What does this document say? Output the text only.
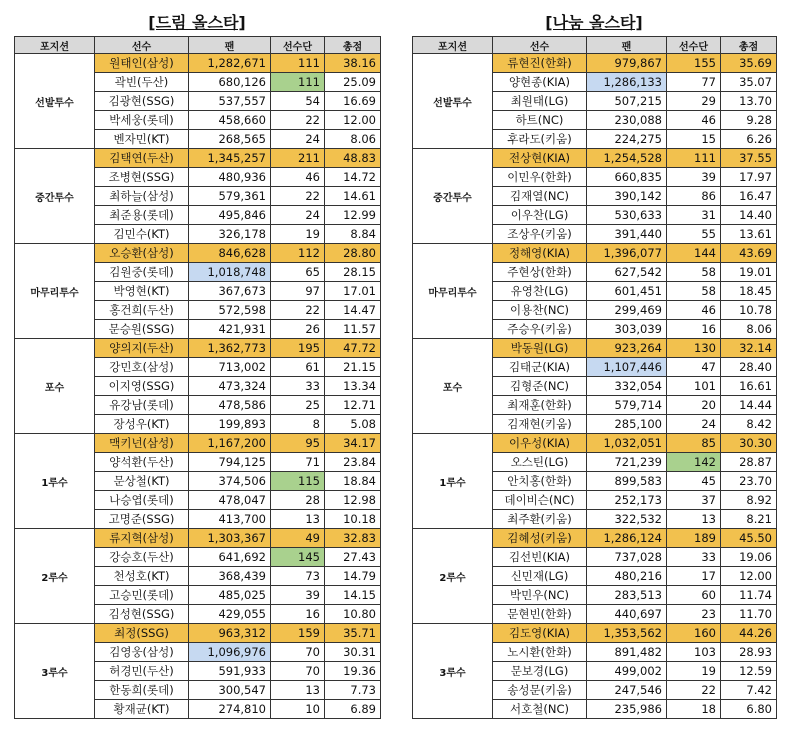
[드림 올스타]
포지션	선수	팬	선수단	총점
선발투수	원태인(삼성)	1,282,671	111	38.16
	곽빈(두산)	680,126	111	25.09
	김광현(SSG)	537,557	54	16.69
	박세웅(롯데)	458,660	22	12.00
	벤자민(KT)	268,565	24	8.06
중간투수	김택연(두산)	1,345,257	211	48.83
	조병현(SSG)	480,936	46	14.72
	최하늘(삼성)	579,361	22	14.61
	최준용(롯데)	495,846	24	12.99
	김민수(KT)	326,178	19	8.84
마무리투수	오승환(삼성)	846,628	112	28.80
	김원중(롯데)	1,018,748	65	28.15
	박영현(KT)	367,673	97	17.01
	홍건희(두산)	572,598	22	14.47
	문승원(SSG)	421,931	26	11.57
포수	양의지(두산)	1,362,773	195	47.72
	강민호(삼성)	713,002	61	21.15
	이지영(SSG)	473,324	33	13.34
	유강남(롯데)	478,586	25	12.71
	장성우(KT)	199,893	8	5.08
1루수	맥키넌(삼성)	1,167,200	95	34.17
	양석환(두산)	794,125	71	23.84
	문상철(KT)	374,506	115	18.84
	나승엽(롯데)	478,047	28	12.98
	고명준(SSG)	413,700	13	10.18
2루수	류지혁(삼성)	1,303,367	49	32.83
	강승호(두산)	641,692	145	27.43
	천성호(KT)	368,439	73	14.79
	고승민(롯데)	485,025	39	14.15
	김성현(SSG)	429,055	16	10.80
3루수	최정(SSG)	963,312	159	35.71
	김영웅(삼성)	1,096,976	70	30.31
	허경민(두산)	591,933	70	19.36
	한동희(롯데)	300,547	13	7.73
	황재균(KT)	274,810	10	6.89
[나눔 올스타]
포지션	선수	팬	선수단	총점
선발투수	류현진(한화)	979,867	155	35.69
	양현종(KIA)	1,286,133	77	35.07
	최원태(LG)	507,215	29	13.70
	하트(NC)	230,088	46	9.28
	후라도(키움)	224,275	15	6.26
중간투수	전상현(KIA)	1,254,528	111	37.55
	이민우(한화)	660,835	39	17.97
	김재열(NC)	390,142	86	16.47
	이우찬(LG)	530,633	31	14.40
	조상우(키움)	391,440	55	13.61
마무리투수	정해영(KIA)	1,396,077	144	43.69
	주현상(한화)	627,542	58	19.01
	유영찬(LG)	601,451	58	18.45
	이용찬(NC)	299,469	46	10.78
	주승우(키움)	303,039	16	8.06
포수	박동원(LG)	923,264	130	32.14
	김태군(KIA)	1,107,446	47	28.40
	김형준(NC)	332,054	101	16.61
	최재훈(한화)	579,714	20	14.44
	김재현(키움)	285,100	24	8.42
1루수	이우성(KIA)	1,032,051	85	30.30
	오스틴(LG)	721,239	142	28.87
	안치홍(한화)	899,583	45	23.70
	데이비슨(NC)	252,173	37	8.92
	최주환(키움)	322,532	13	8.21
2루수	김혜성(키움)	1,286,124	189	45.50
	김선빈(KIA)	737,028	33	19.06
	신민재(LG)	480,216	17	12.00
	박민우(NC)	283,513	60	11.74
	문현빈(한화)	440,697	23	11.70
3루수	김도영(KIA)	1,353,562	160	44.26
	노시환(한화)	891,482	103	28.93
	문보경(LG)	499,002	19	12.59
	송성문(키움)	247,546	22	7.42
	서호철(NC)	235,986	18	6.80
